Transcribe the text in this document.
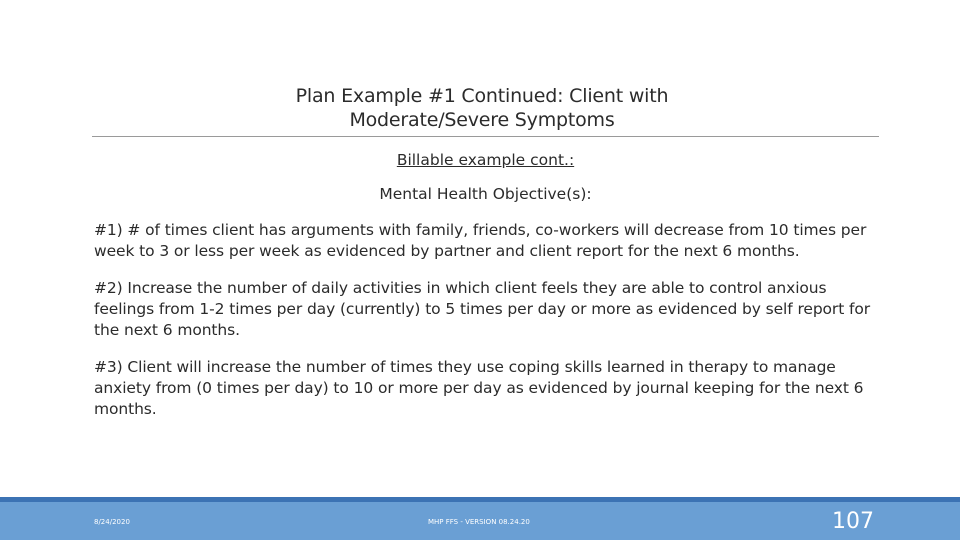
Plan Example #1 Continued: Client with
Moderate/Severe Symptoms
Billable example cont.:
Mental Health Objective(s):

#1) # of times client has arguments with family, friends, co-workers will decrease from 10 times per week to 3 or less per week as evidenced by partner and client report for the next 6 months.

#2) Increase the number of daily activities in which client feels they are able to control anxious feelings from 1-2 times per day (currently) to 5 times per day or more as evidenced by self report for the next 6 months.

#3) Client will increase the number of times they use coping skills learned in therapy to manage anxiety from (0 times per day) to 10 or more per day as evidenced by journal keeping for the next 6 months.

8/24/2020	MHP FFS - VERSION 08.24.20	107
